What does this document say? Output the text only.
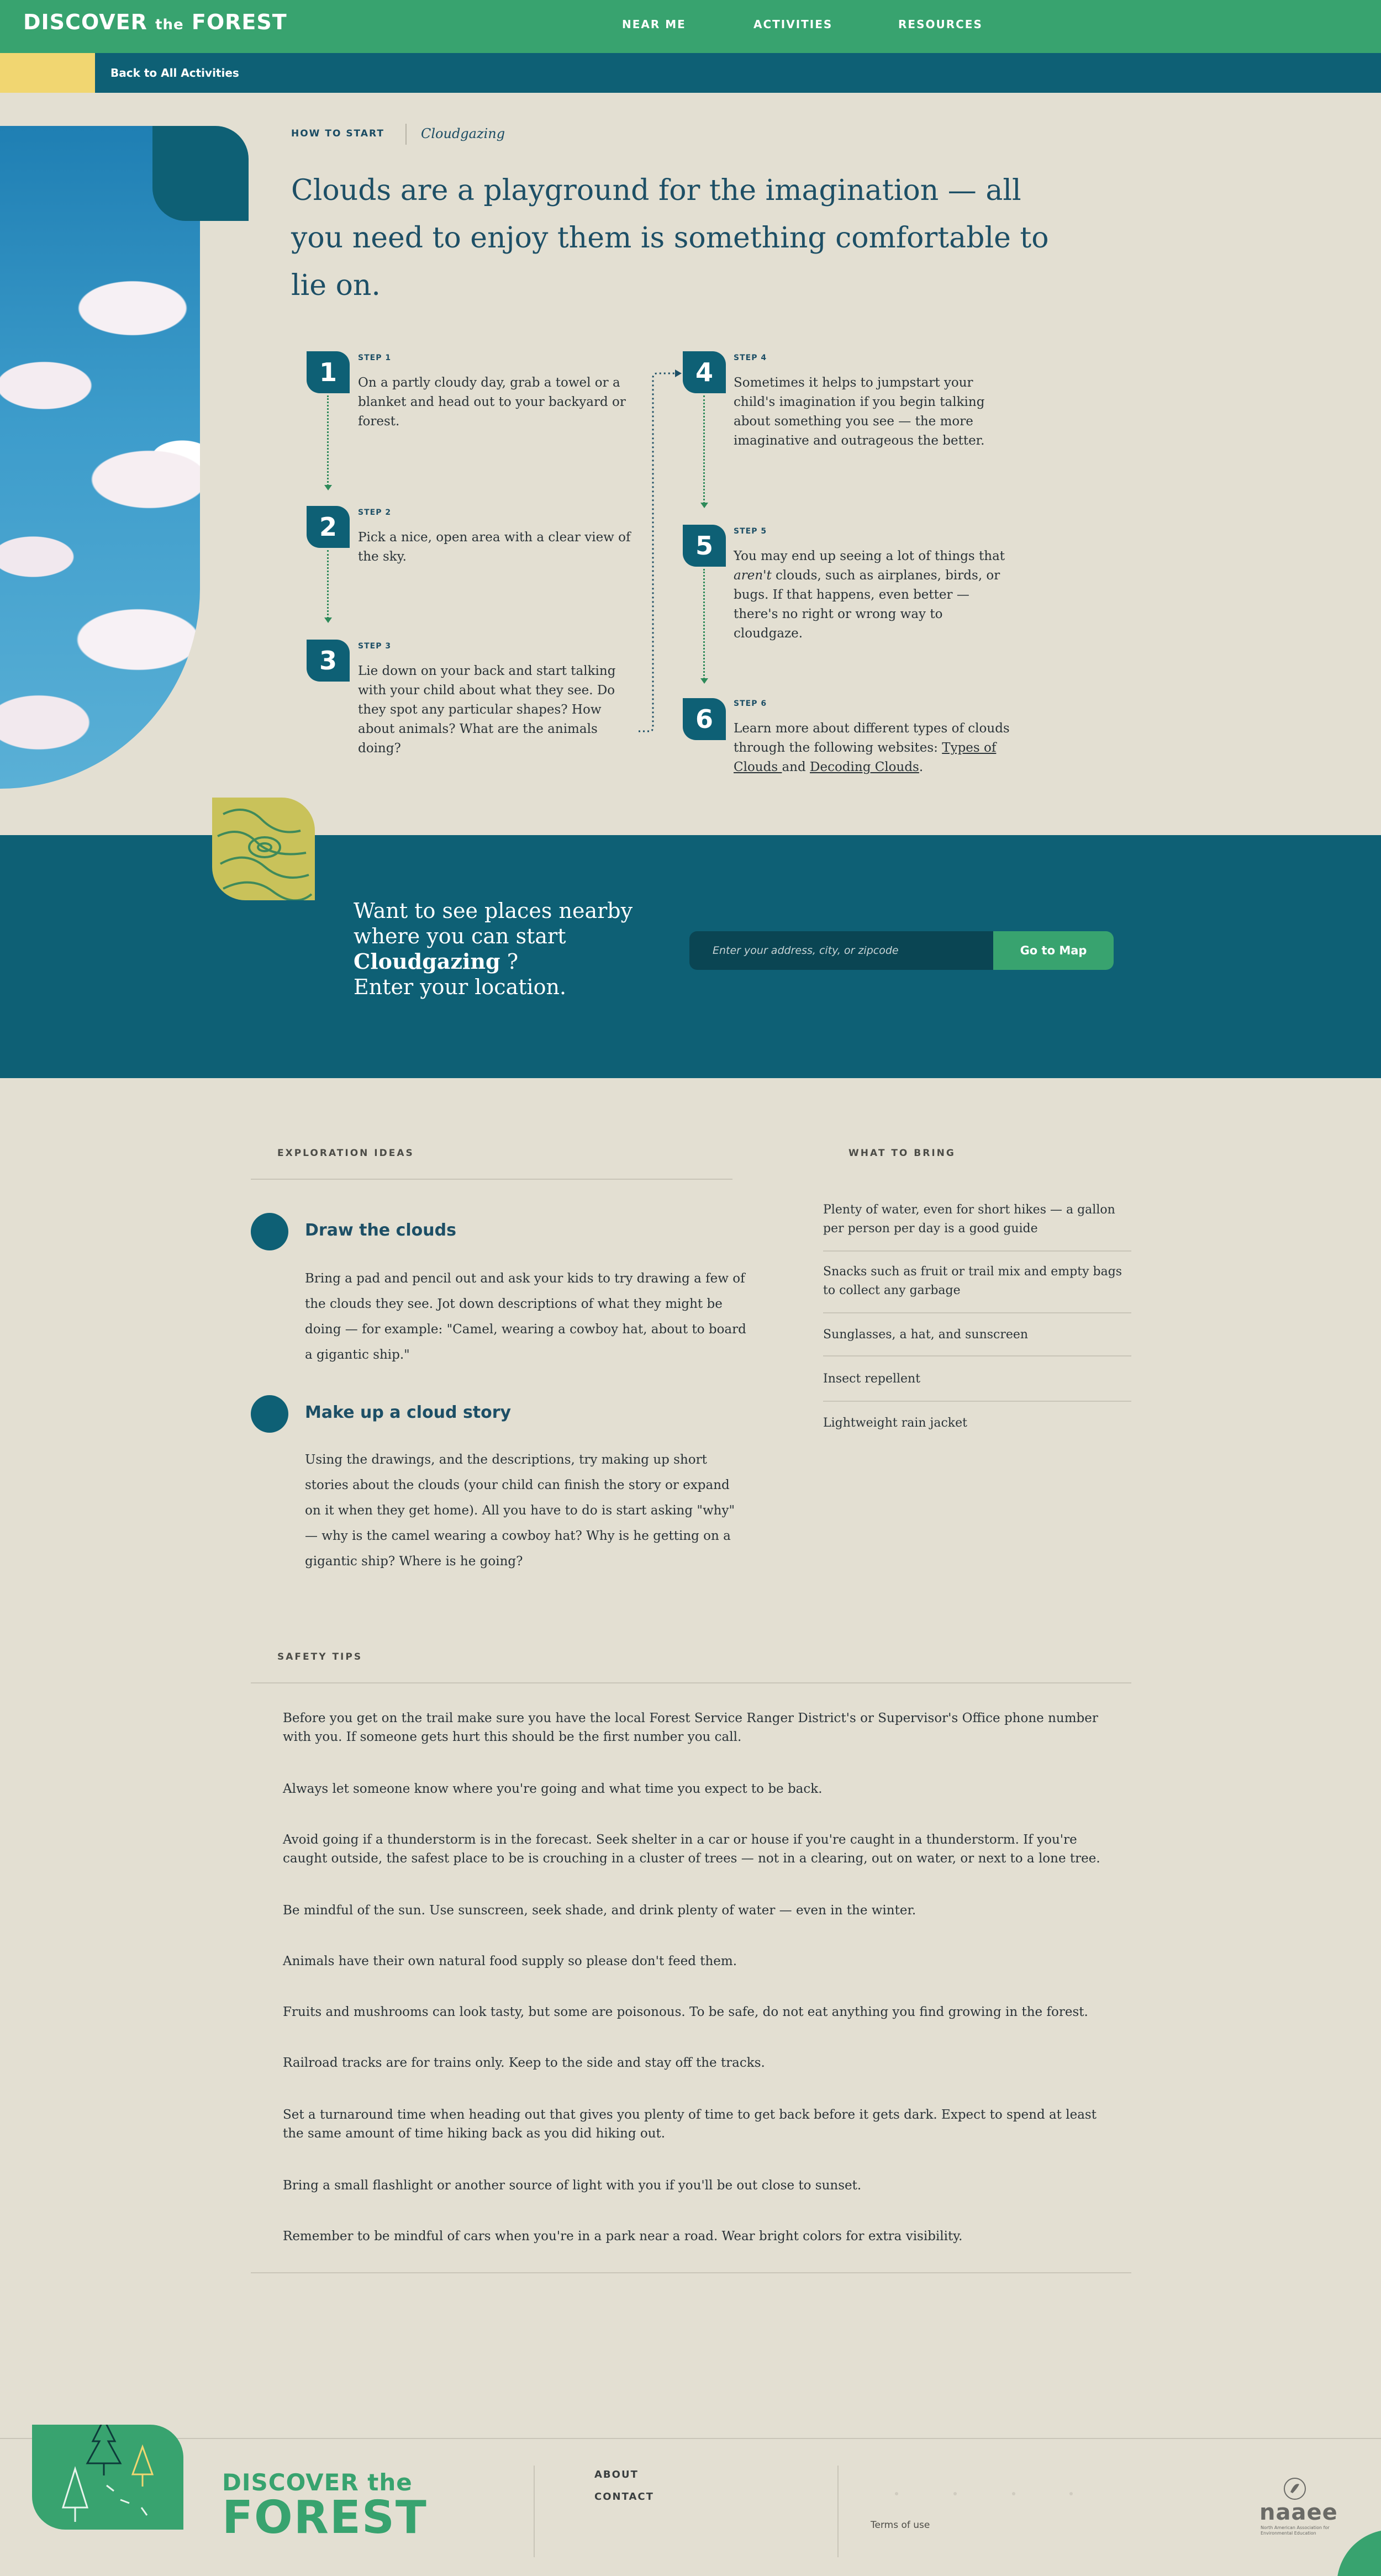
DISCOVER the FOREST	NEAR ME	ACTIVITIES	RESOURCES
Back to All Activities
HOW TO START	Cloudgazing
Clouds are a playground for the imagination — all you need to enjoy them is something comfortable to lie on.
1	STEP 1
On a partly cloudy day, grab a towel or a blanket and head out to your backyard or forest.
2	STEP 2
Pick a nice, open area with a clear view of the sky.
3	STEP 3
Lie down on your back and start talking with your child about what they see. Do they spot any particular shapes? How about animals? What are the animals doing?
4	STEP 4
Sometimes it helps to jumpstart your child's imagination if you begin talking about something you see — the more imaginative and outrageous the better.
5	STEP 5
You may end up seeing a lot of things that aren't clouds, such as airplanes, birds, or bugs. If that happens, even better — there's no right or wrong way to cloudgaze.
6
STEP 6
Learn more about different types of clouds through the following websites: Types of Clouds and Decoding Clouds.
Want to see places nearby
where you can start
Cloudgazing ?
Enter your location.
Enter your address, city, or zipcode	Go to Map
EXPLORATION IDEAS
Draw the clouds
Bring a pad and pencil out and ask your kids to try drawing a few of the clouds they see. Jot down descriptions of what they might be doing — for example: "Camel, wearing a cowboy hat, about to board a gigantic ship."
Make up a cloud story
Using the drawings, and the descriptions, try making up short stories about the clouds (your child can finish the story or expand on it when they get home). All you have to do is start asking "why" — why is the camel wearing a cowboy hat? Why is he getting on a gigantic ship? Where is he going?
WHAT TO BRING
Plenty of water, even for short hikes — a gallon per person per day is a good guide
Snacks such as fruit or trail mix and empty bags to collect any garbage
Sunglasses, a hat, and sunscreen
Insect repellent
Lightweight rain jacket
SAFETY TIPS
Before you get on the trail make sure you have the local Forest Service Ranger District's or Supervisor's Office phone number with you. If someone gets hurt this should be the first number you call.
Always let someone know where you're going and what time you expect to be back.
Avoid going if a thunderstorm is in the forecast. Seek shelter in a car or house if you're caught in a thunderstorm. If you're caught outside, the safest place to be is crouching in a cluster of trees — not in a clearing, out on water, or next to a lone tree.
Be mindful of the sun. Use sunscreen, seek shade, and drink plenty of water — even in the winter.
Animals have their own natural food supply so please don't feed them.
Fruits and mushrooms can look tasty, but some are poisonous. To be safe, do not eat anything you find growing in the forest.
Railroad tracks are for trains only. Keep to the side and stay off the tracks.
Set a turnaround time when heading out that gives you plenty of time to get back before it gets dark. Expect to spend at least the same amount of time hiking back as you did hiking out.
Bring a small flashlight or another source of light with you if you'll be out close to sunset.
Remember to be mindful of cars when you're in a park near a road. Wear bright colors for extra visibility.
DISCOVER the
FOREST
ABOUT
CONTACT
Terms of use	naaee
North American Association for Environmental Education
